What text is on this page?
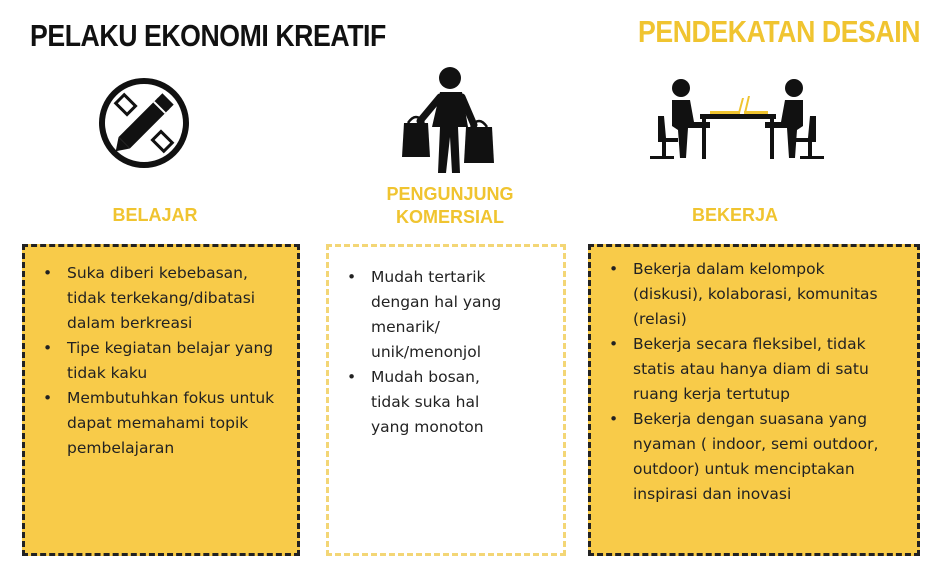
PELAKU EKONOMI KREATIF	PENDEKATAN DESAIN
BELAJAR
PENGUNJUNG
KOMERSIAL	BEKERJA
• Suka diberi kebebasan, tidak terkekang/dibatasi dalam berkreasi
• Tipe kegiatan belajar yang tidak kaku
• Membutuhkan fokus untuk dapat memahami topik pembelajaran
• Mudah tertarik dengan hal yang menarik/ unik/menonjol
• Mudah bosan, tidak suka hal yang monoton
• Bekerja dalam kelompok (diskusi), kolaborasi, komunitas (relasi)
• Bekerja secara fleksibel, tidak statis atau hanya diam di satu ruang kerja tertutup
• Bekerja dengan suasana yang nyaman ( indoor, semi outdoor, outdoor) untuk menciptakan inspirasi dan inovasi
